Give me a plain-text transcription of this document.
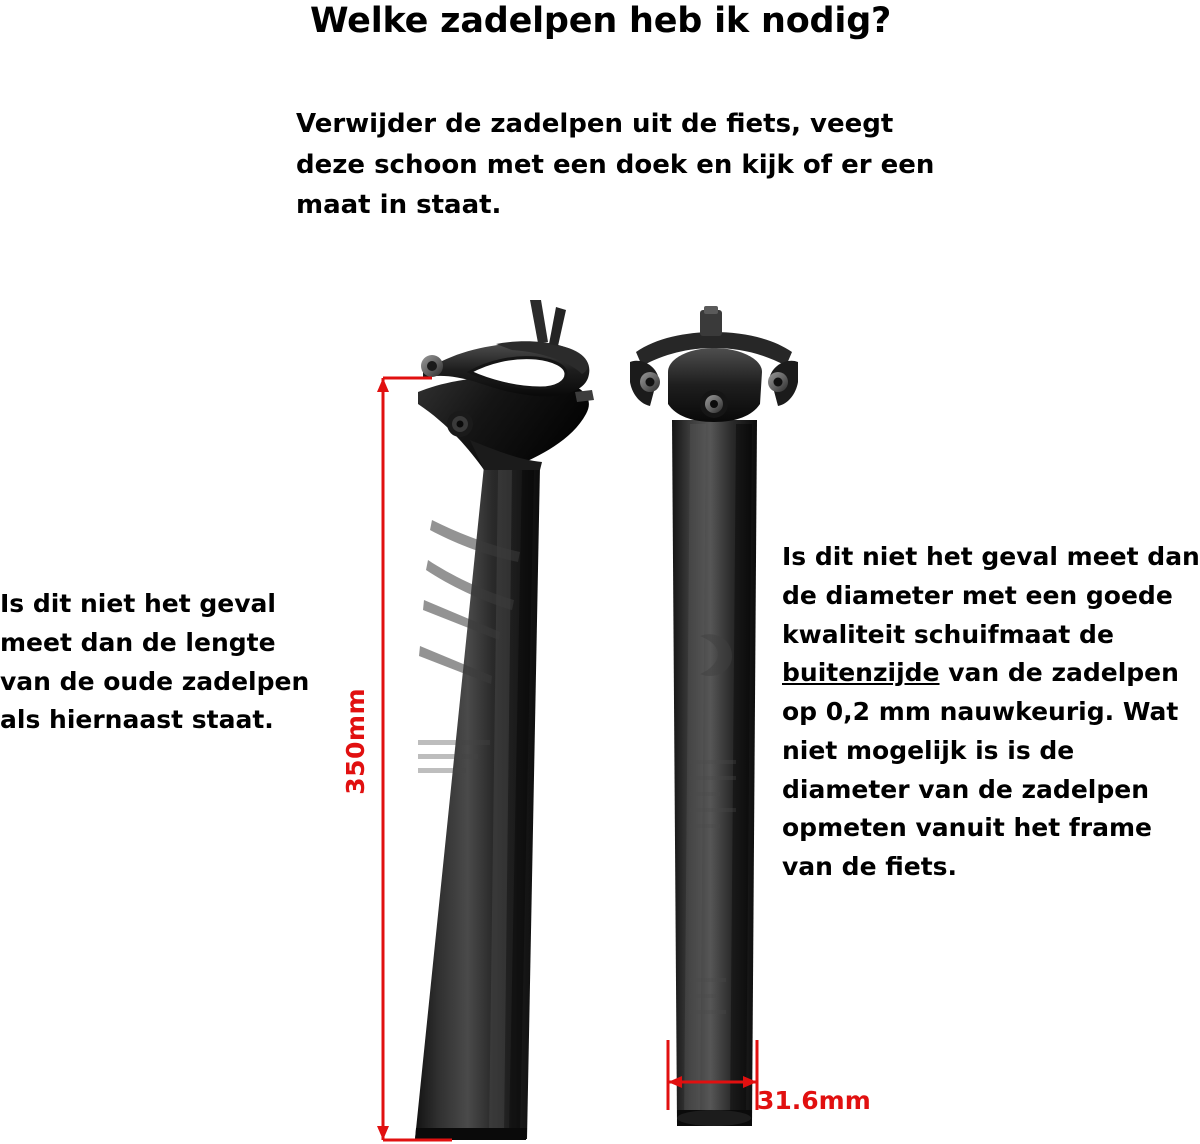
Welke zadelpen heb ik nodig?
Verwijder de zadelpen uit de fiets, veegt deze schoon met een doek en kijk of er een maat in staat.
Is dit niet het geval meet dan de lengte van de oude zadelpen als hiernaast staat.
Is dit niet het geval meet dan de diameter met een goede kwaliteit schuifmaat de buitenzijde van de zadelpen op 0,2 mm nauwkeurig. Wat niet mogelijk is is de diameter van de zadelpen opmeten vanuit het frame van de fiets.
350mm
31.6mm
